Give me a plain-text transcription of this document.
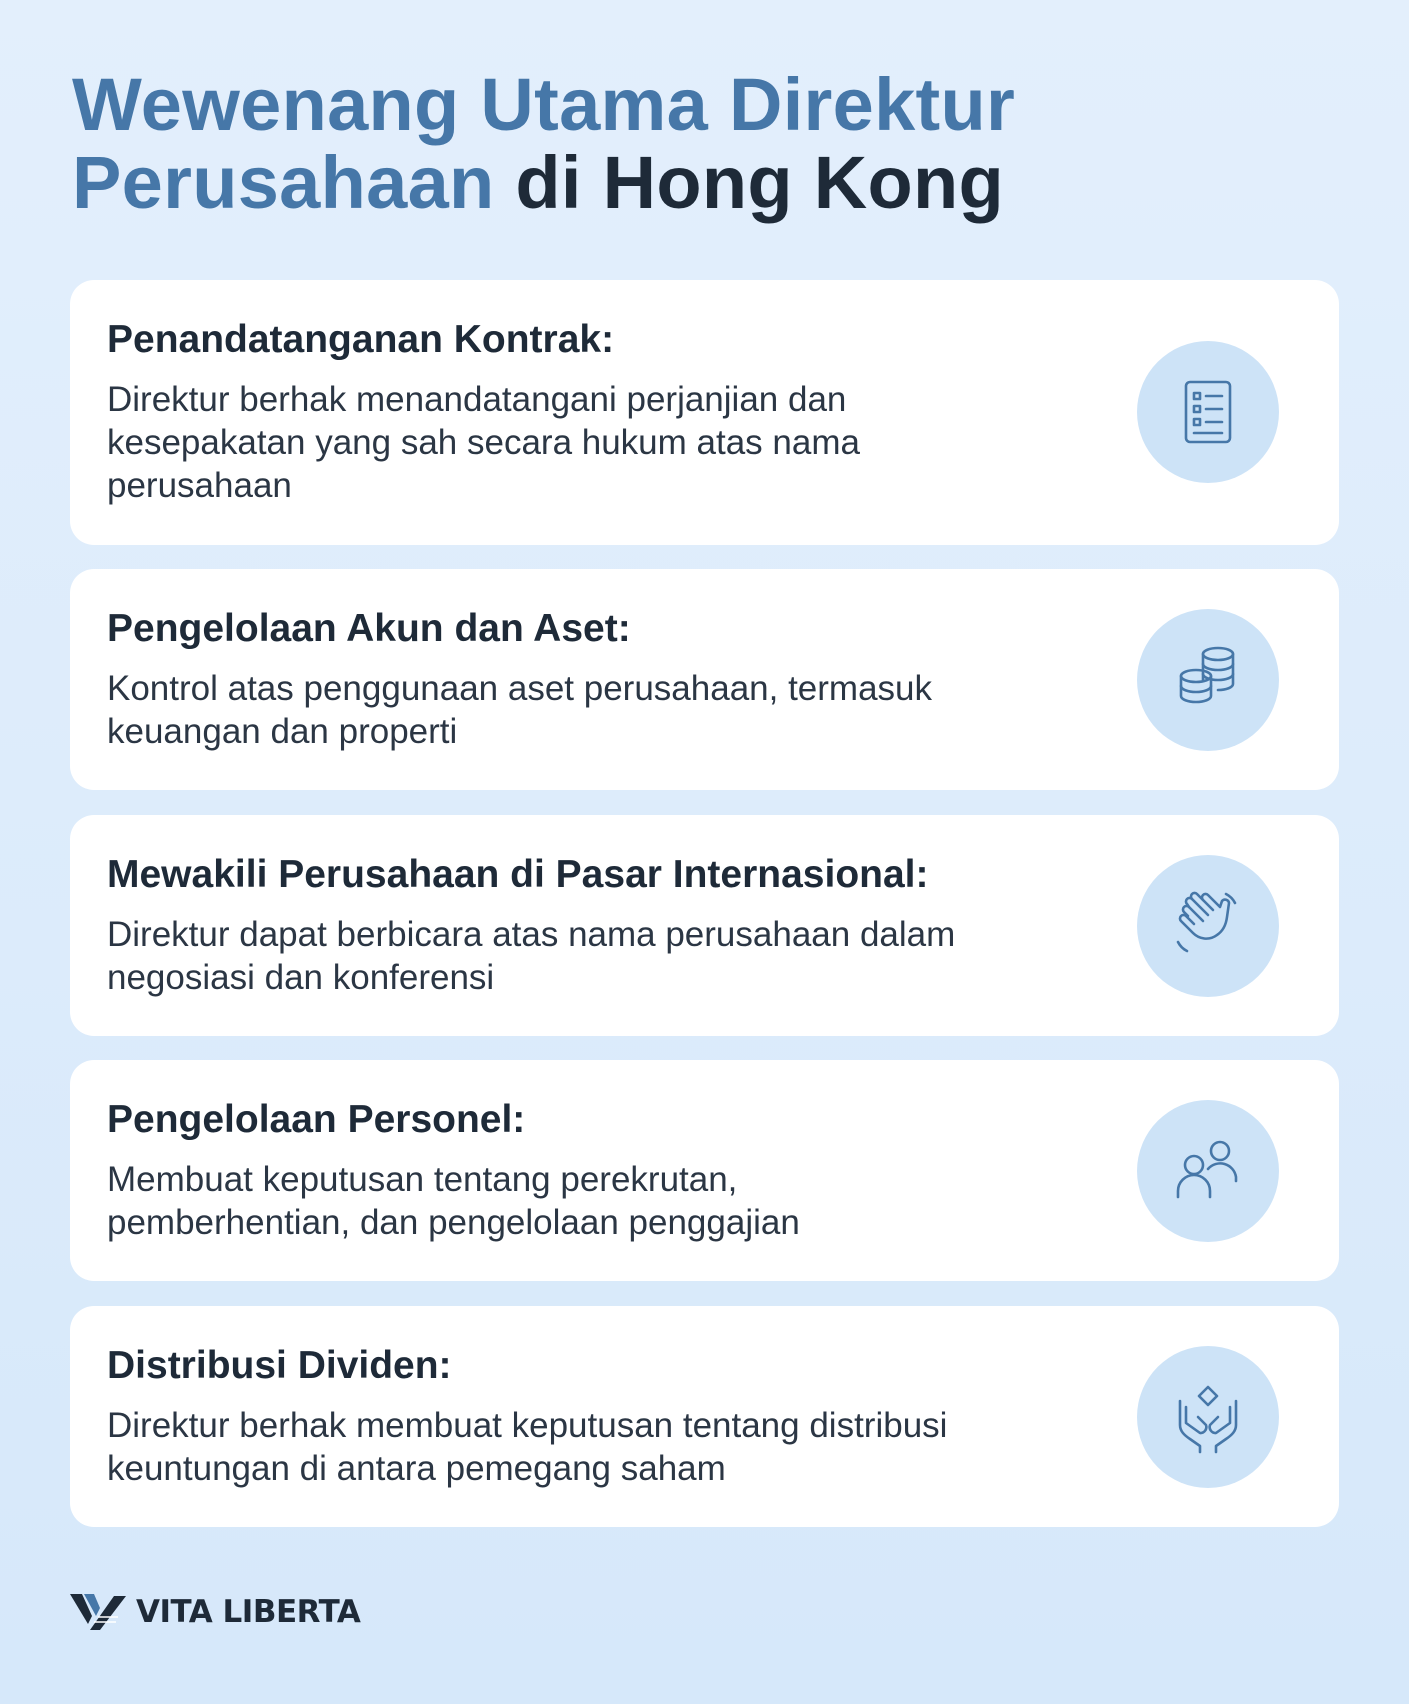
Wewenang Utama Direktur Perusahaan di Hong Kong
Penandatanganan Kontrak:

Direktur berhak menandatangani perjanjian dan kesepakatan yang sah secara hukum atas nama perusahaan

Pengelolaan Akun dan Aset:

Kontrol atas penggunaan aset perusahaan, termasuk keuangan dan properti

Mewakili Perusahaan di Pasar Internasional:

Direktur dapat berbicara atas nama perusahaan dalam negosiasi dan konferensi

Pengelolaan Personel:

Membuat keputusan tentang perekrutan, pemberhentian, dan pengelolaan penggajian

Distribusi Dividen:

Direktur berhak membuat keputusan tentang distribusi keuntungan di antara pemegang saham

VITA LIBERTA
